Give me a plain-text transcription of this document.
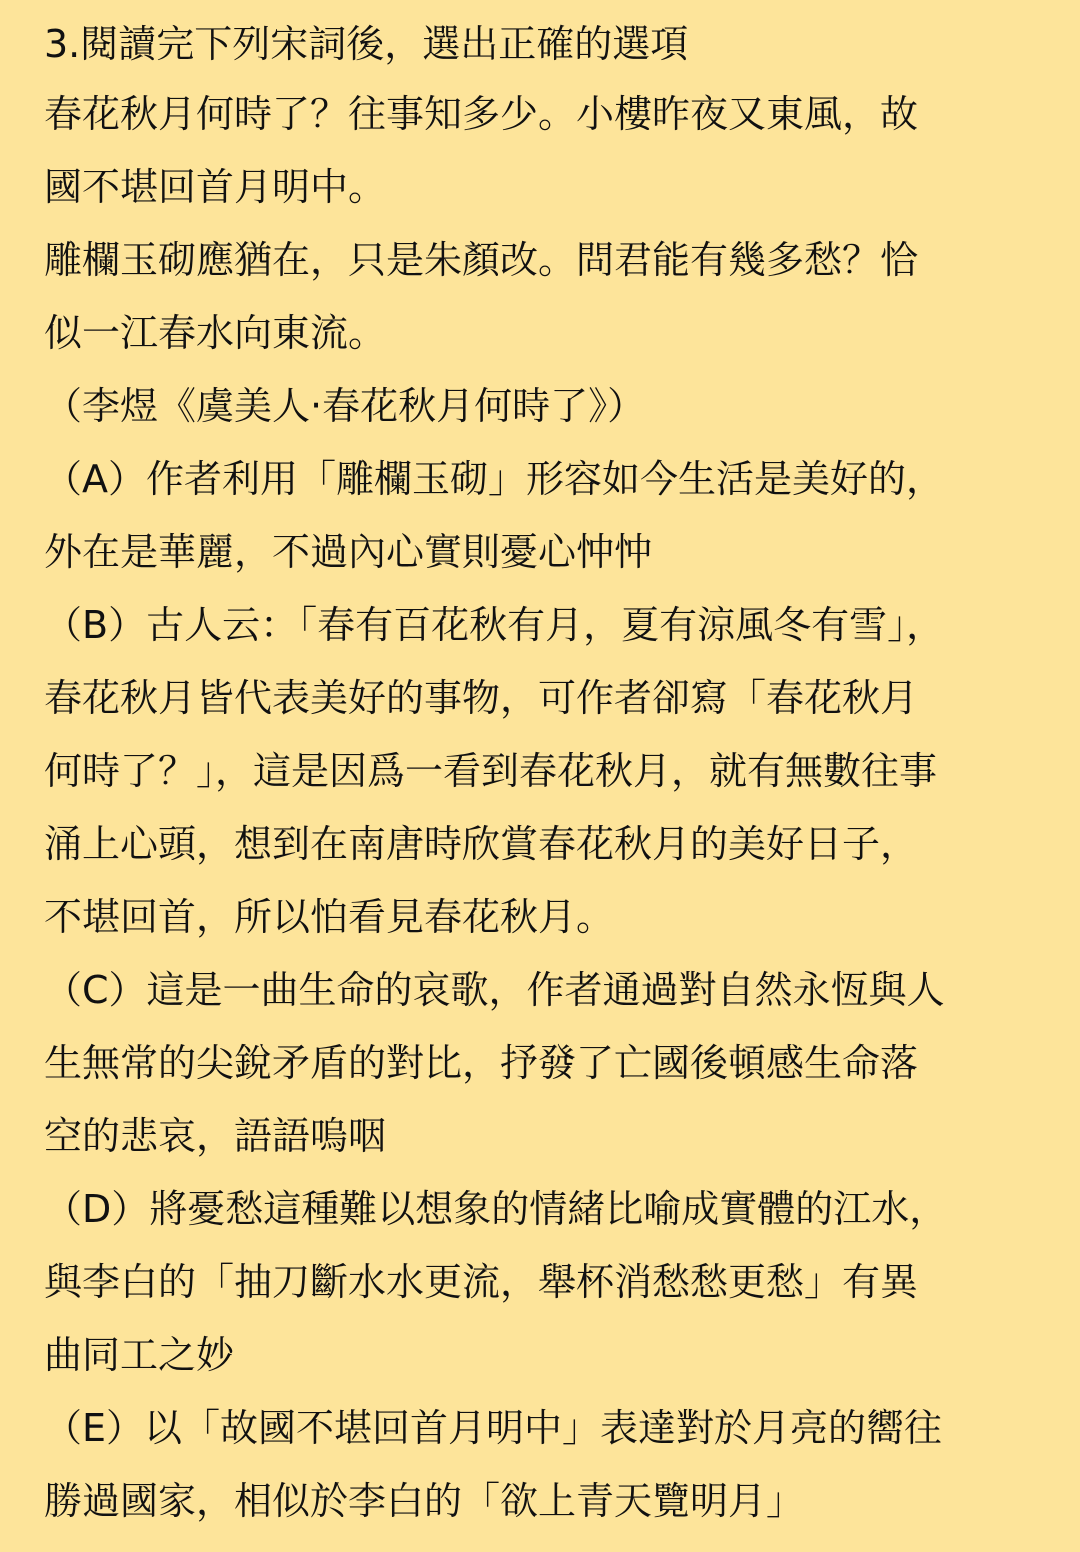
3.閱讀完下列宋詞後，選出正確的選項
春花秋月何時了？往事知多少。小樓昨夜又東風，故
國不堪回首月明中。
雕欄玉砌應猶在，只是朱顏改。問君能有幾多愁？恰
似一江春水向東流。
（李煜《虞美人‧春花秋月何時了》）
（A）作者利用「雕欄玉砌」形容如今生活是美好的，
外在是華麗，不過內心實則憂心忡忡
（B）古人云：「春有百花秋有月，夏有涼風冬有雪」，
春花秋月皆代表美好的事物，可作者卻寫「春花秋月
何時了？」，這是因爲一看到春花秋月，就有無數往事
涌上心頭，想到在南唐時欣賞春花秋月的美好日子，
不堪回首，所以怕看見春花秋月。
（C）這是一曲生命的哀歌，作者通過對自然永恆與人
生無常的尖銳矛盾的對比，抒發了亡國後頓感生命落
空的悲哀，語語嗚咽
（D）將憂愁這種難以想象的情緒比喻成實體的江水，
與李白的「抽刀斷水水更流，舉杯消愁愁更愁」有異
曲同工之妙
（E）以「故國不堪回首月明中」表達對於月亮的嚮往
勝過國家，相似於李白的「欲上青天覽明月」
